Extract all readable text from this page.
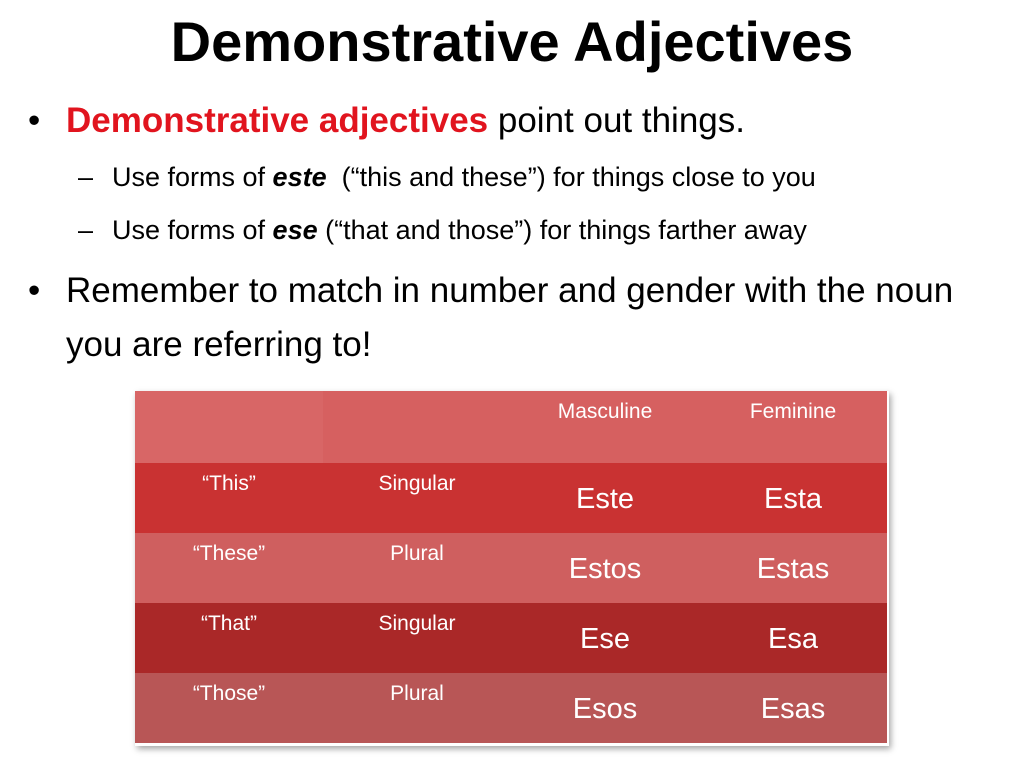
Demonstrative Adjectives
• Demonstrative adjectives point out things.
– Use forms of este  (“this and these”) for things close to you
– Use forms of ese (“that and those”) for things farther away
• Remember to match in number and gender with the noun you are referring to!

		Masculine	Feminine

“This”	Singular	Este	Esta

“These”	Plural	Estos	Estas

“That”	Singular	Ese	Esa

“Those”	Plural	Esos	Esas
